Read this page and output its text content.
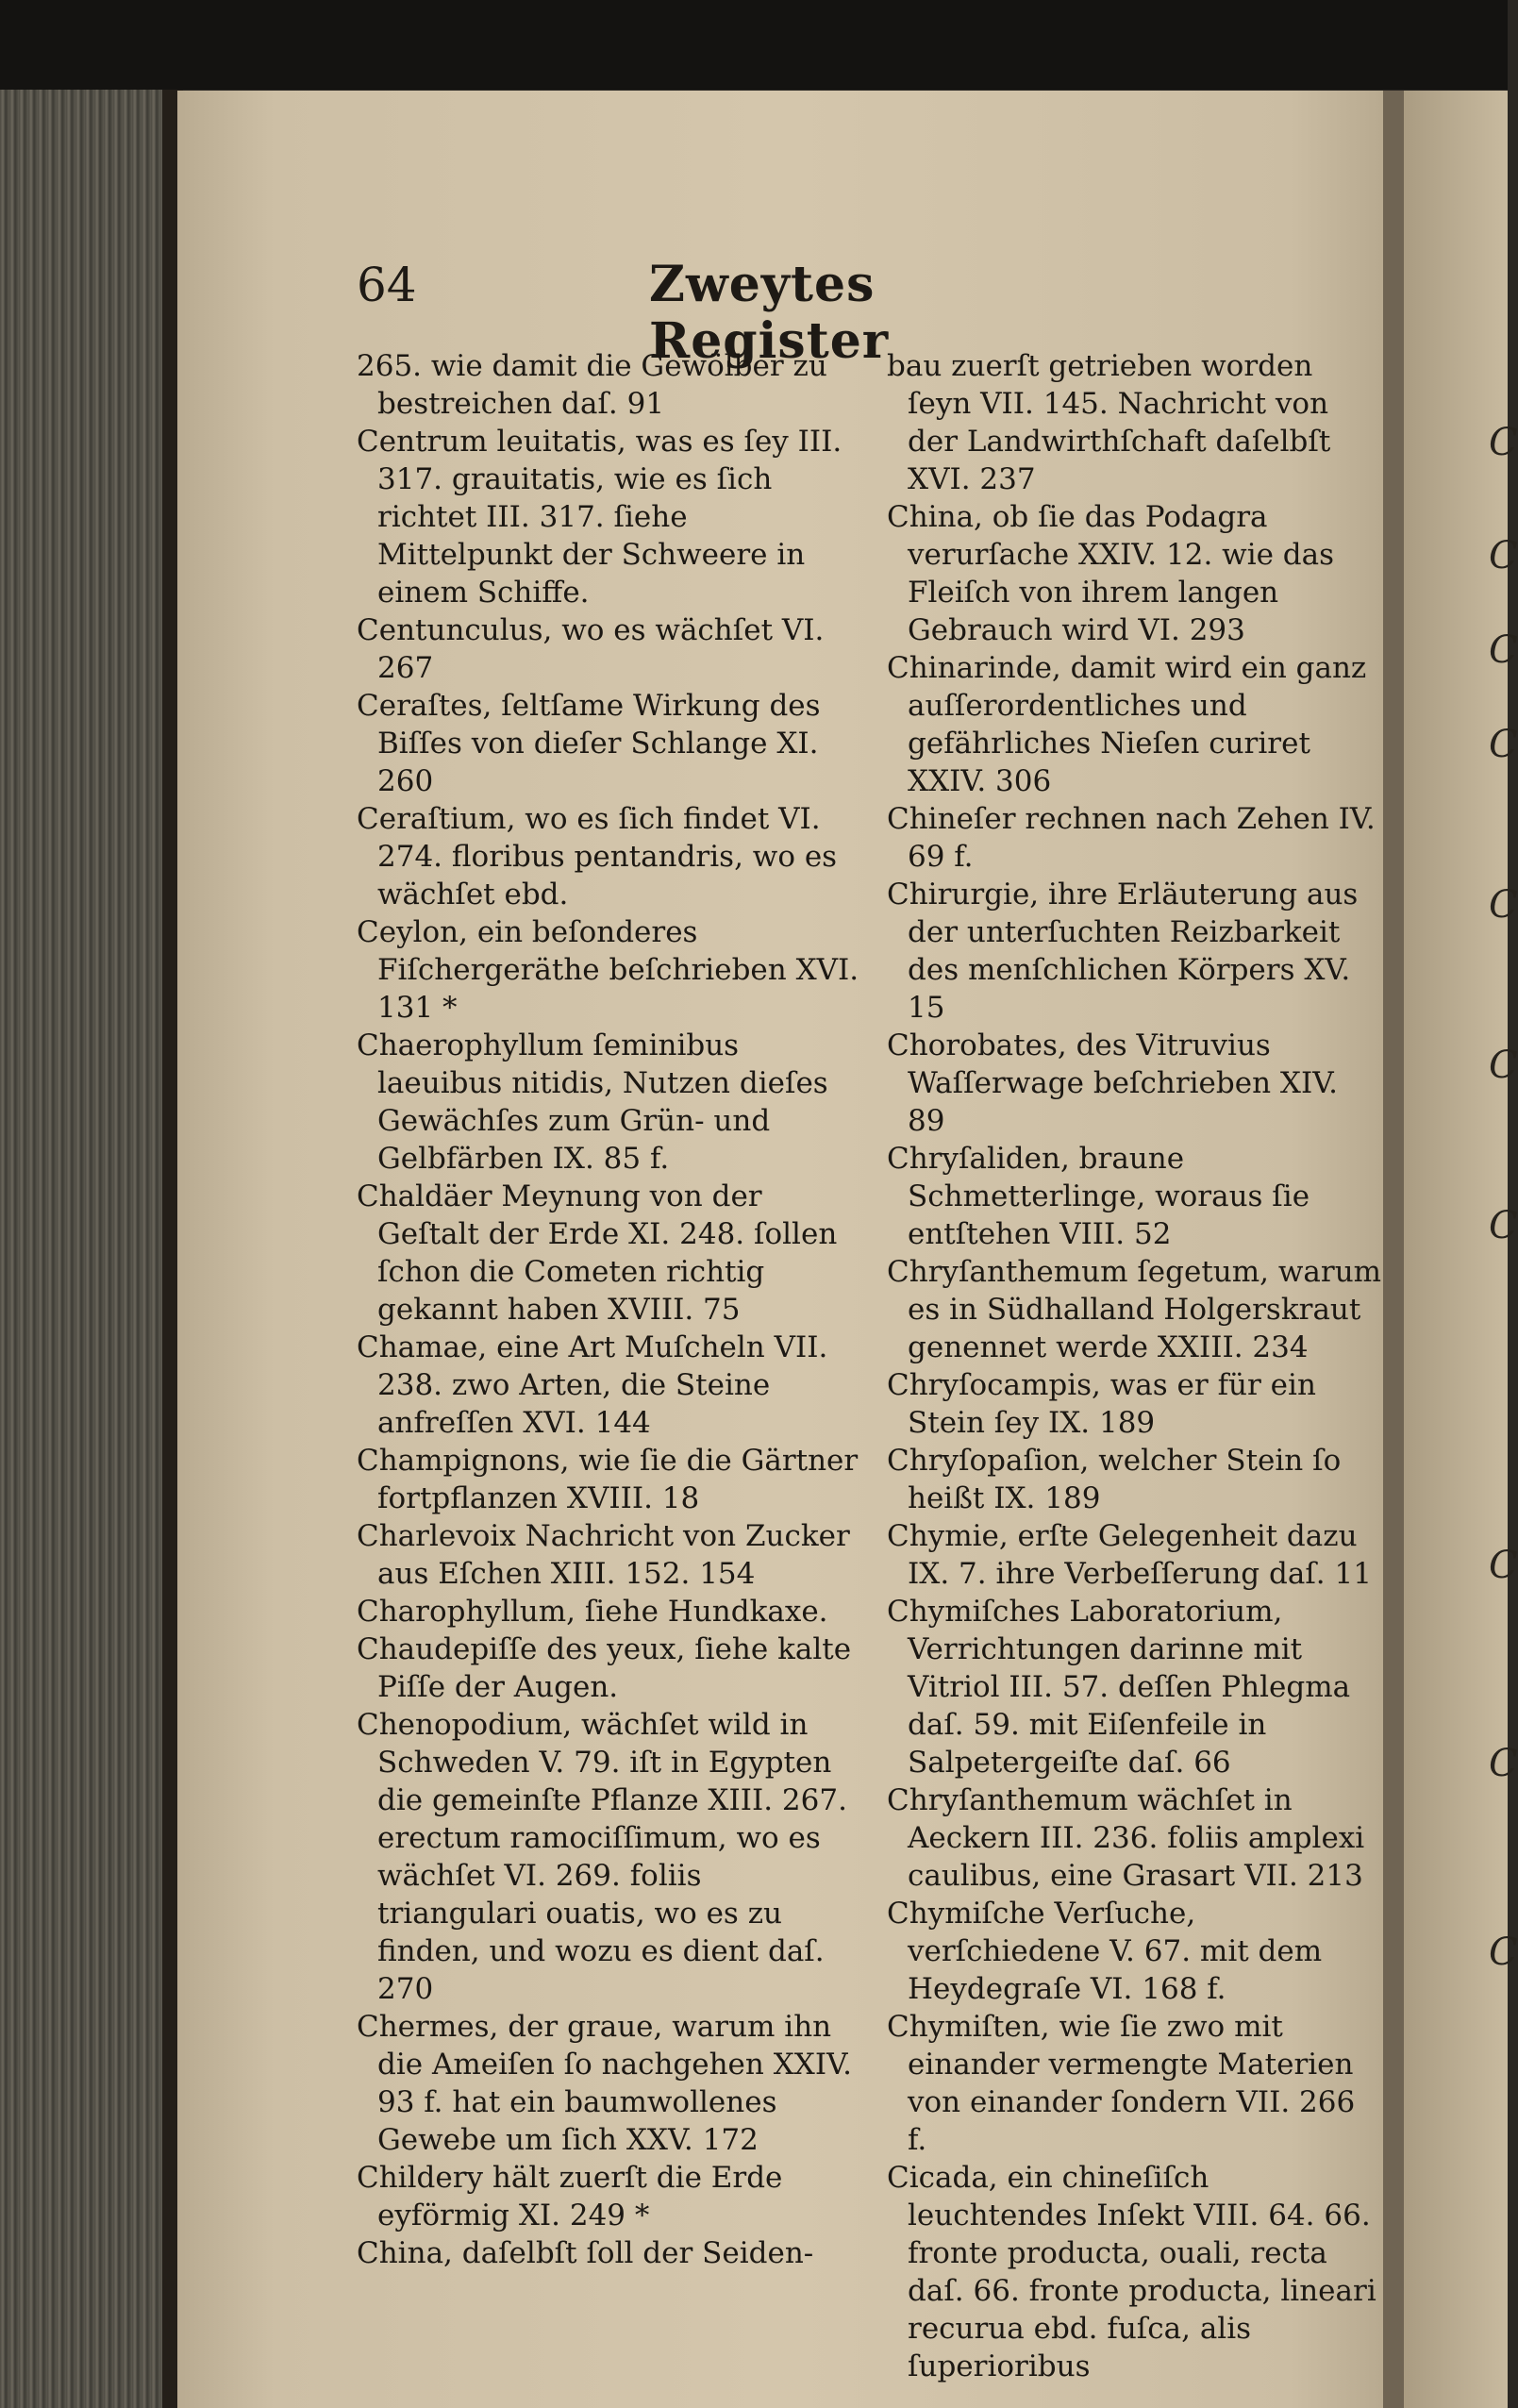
C
C
C
C
C
C
C
C
C
C
64	Zweytes Register

265. wie damit die Gewölber zu bestreichen daſ. 91

Centrum leuitatis, was es ſey III. 317. grauitatis, wie es ſich richtet III. 317. ſiehe Mittelpunkt der Schweere in einem Schiffe.

Centunculus, wo es wächſet VI. 267

Ceraſtes, ſeltſame Wirkung des Biſſes von dieſer Schlange XI. 260

Ceraſtium, wo es ſich findet VI. 274. floribus pentandris, wo es wächſet ebd.

Ceylon, ein beſonderes Fiſchergeräthe beſchrieben XVI. 131 *

Chaerophyllum ſeminibus laeuibus nitidis, Nutzen dieſes Gewächſes zum Grün- und Gelbfärben IX. 85 f.

Chaldäer Meynung von der Geſtalt der Erde XI. 248. ſollen ſchon die Cometen richtig gekannt haben XVIII. 75

Chamae, eine Art Muſcheln VII. 238. zwo Arten, die Steine anfreſſen XVI. 144

Champignons, wie ſie die Gärtner fortpflanzen XVIII. 18

Charlevoix Nachricht von Zucker aus Eſchen XIII. 152. 154

Charophyllum, ſiehe Hundkaxe.

Chaudepiſſe des yeux, ſiehe kalte Piſſe der Augen.

Chenopodium, wächſet wild in Schweden V. 79. iſt in Egypten die gemeinſte Pflanze XIII. 267. erectum ramociſſimum, wo es wächſet VI. 269. foliis triangulari ouatis, wo es zu finden, und wozu es dient daſ. 270

Chermes, der graue, warum ihn die Ameiſen ſo nachgehen XXIV. 93 f. hat ein baumwollenes Gewebe um ſich XXV. 172

Childery hält zuerſt die Erde eyförmig XI. 249 *

China, daſelbſt ſoll der Seiden-

bau zuerſt getrieben worden ſeyn VII. 145. Nachricht von der Landwirthſchaft daſelbſt XVI. 237

China, ob ſie das Podagra verurſache XXIV. 12. wie das Fleiſch von ihrem langen Gebrauch wird VI. 293

Chinarinde, damit wird ein ganz auſſerordentliches und gefährliches Nieſen curiret XXIV. 306

Chineſer rechnen nach Zehen IV. 69 f.

Chirurgie, ihre Erläuterung aus der unterſuchten Reizbarkeit des menſchlichen Körpers XV. 15

Chorobates, des Vitruvius Waſſerwage beſchrieben XIV. 89

Chryſaliden, braune Schmetterlinge, woraus ſie entſtehen VIII. 52

Chryſanthemum ſegetum, warum es in Südhalland Holgerskraut genennet werde XXIII. 234

Chryſocampis, was er für ein Stein ſey IX. 189

Chryſopaſion, welcher Stein ſo heißt IX. 189

Chymie, erſte Gelegenheit dazu IX. 7. ihre Verbeſſerung daſ. 11

Chymiſches Laboratorium, Verrichtungen darinne mit Vitriol III. 57. deſſen Phlegma daſ. 59. mit Eiſenfeile in Salpetergeiſte daſ. 66

Chryſanthemum wächſet in Aeckern III. 236. foliis amplexi caulibus, eine Grasart VII. 213

Chymiſche Verſuche, verſchiedene V. 67. mit dem Heydegraſe VI. 168 f.

Chymiſten, wie ſie zwo mit einander vermengte Materien von einander ſondern VII. 266 f.

Cicada, ein chineſiſch leuchtendes Inſekt VIII. 64. 66. fronte producta, ouali, recta daſ. 66. fronte producta, lineari recurua ebd. fuſca, alis ſuperioribus
